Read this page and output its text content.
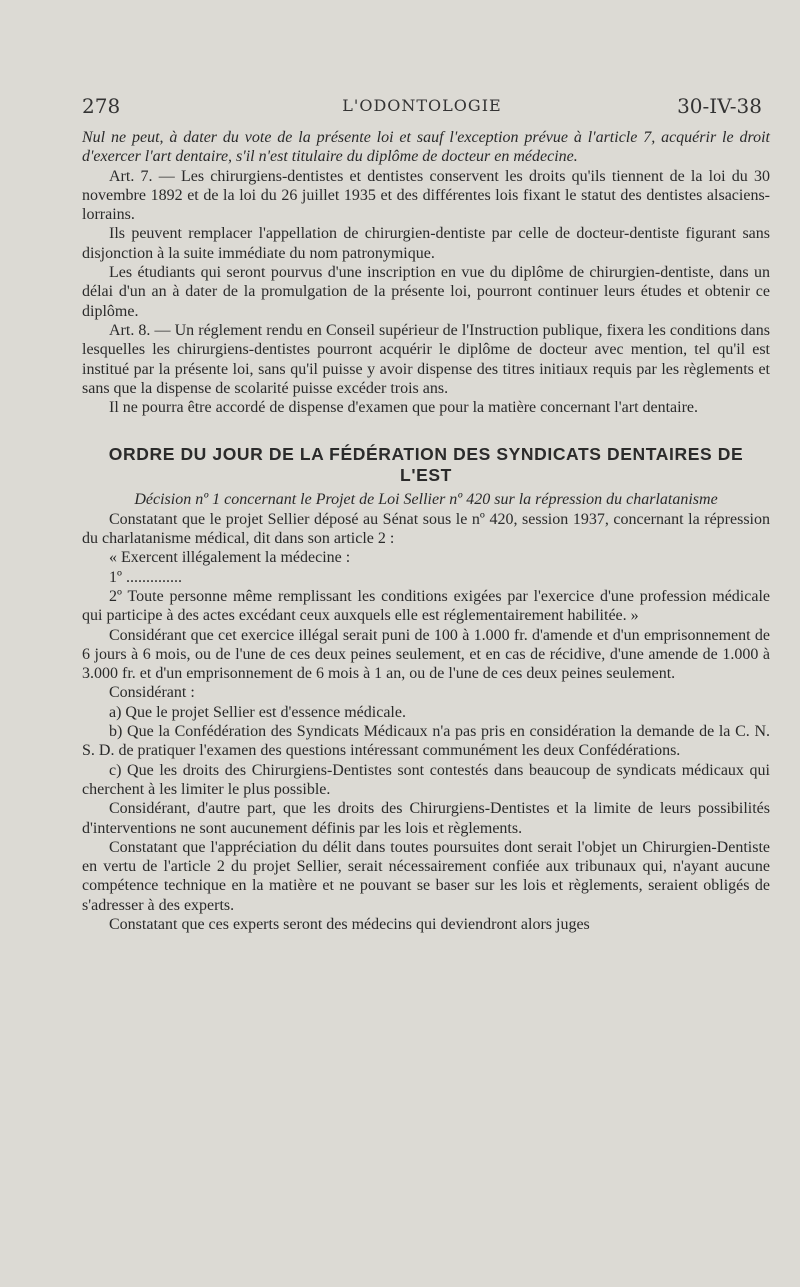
278	L'ODONTOLOGIE	30-IV-38

Nul ne peut, à dater du vote de la présente loi et sauf l'exception prévue à l'article 7, acquérir le droit d'exercer l'art dentaire, s'il n'est titulaire du diplôme de docteur en médecine.

Art. 7. — Les chirurgiens-dentistes et dentistes conservent les droits qu'ils tiennent de la loi du 30 novembre 1892 et de la loi du 26 juillet 1935 et des différentes lois fixant le statut des dentistes alsaciens-lorrains.

Ils peuvent remplacer l'appellation de chirurgien-dentiste par celle de docteur-dentiste figurant sans disjonction à la suite immédiate du nom patronymique.

Les étudiants qui seront pourvus d'une inscription en vue du diplôme de chirurgien-dentiste, dans un délai d'un an à dater de la promulgation de la présente loi, pourront continuer leurs études et obtenir ce diplôme.

Art. 8. — Un réglement rendu en Conseil supérieur de l'Instruction publique, fixera les conditions dans lesquelles les chirurgiens-dentistes pourront acquérir le diplôme de docteur avec mention, tel qu'il est institué par la présente loi, sans qu'il puisse y avoir dispense des titres initiaux requis par les règlements et sans que la dispense de scolarité puisse excéder trois ans.

Il ne pourra être accordé de dispense d'examen que pour la matière concernant l'art dentaire.

ORDRE DU JOUR DE LA FÉDÉRATION DES SYNDICATS DENTAIRES DE L'EST

Décision nº 1 concernant le Projet de Loi Sellier nº 420 sur la répression du charlatanisme

Constatant que le projet Sellier déposé au Sénat sous le nº 420, session 1937, concernant la répression du charlatanisme médical, dit dans son article 2 :

« Exercent illégalement la médecine :

1º ..............

2º Toute personne même remplissant les conditions exigées par l'exercice d'une profession médicale qui participe à des actes excédant ceux auxquels elle est réglementairement habilitée. »

Considérant que cet exercice illégal serait puni de 100 à 1.000 fr. d'amende et d'un emprisonnement de 6 jours à 6 mois, ou de l'une de ces deux peines seulement, et en cas de récidive, d'une amende de 1.000 à 3.000 fr. et d'un emprisonnement de 6 mois à 1 an, ou de l'une de ces deux peines seulement.

Considérant :

a) Que le projet Sellier est d'essence médicale.

b) Que la Confédération des Syndicats Médicaux n'a pas pris en considération la demande de la C. N. S. D. de pratiquer l'examen des questions intéressant communément les deux Confédérations.

c) Que les droits des Chirurgiens-Dentistes sont contestés dans beaucoup de syndicats médicaux qui cherchent à les limiter le plus possible.

Considérant, d'autre part, que les droits des Chirurgiens-Dentistes et la limite de leurs possibilités d'interventions ne sont aucunement définis par les lois et règlements.

Constatant que l'appréciation du délit dans toutes poursuites dont serait l'objet un Chirurgien-Dentiste en vertu de l'article 2 du projet Sellier, serait nécessairement confiée aux tribunaux qui, n'ayant aucune compétence technique en la matière et ne pouvant se baser sur les lois et règlements, seraient obligés de s'adresser à des experts.

Constatant que ces experts seront des médecins qui deviendront alors juges
